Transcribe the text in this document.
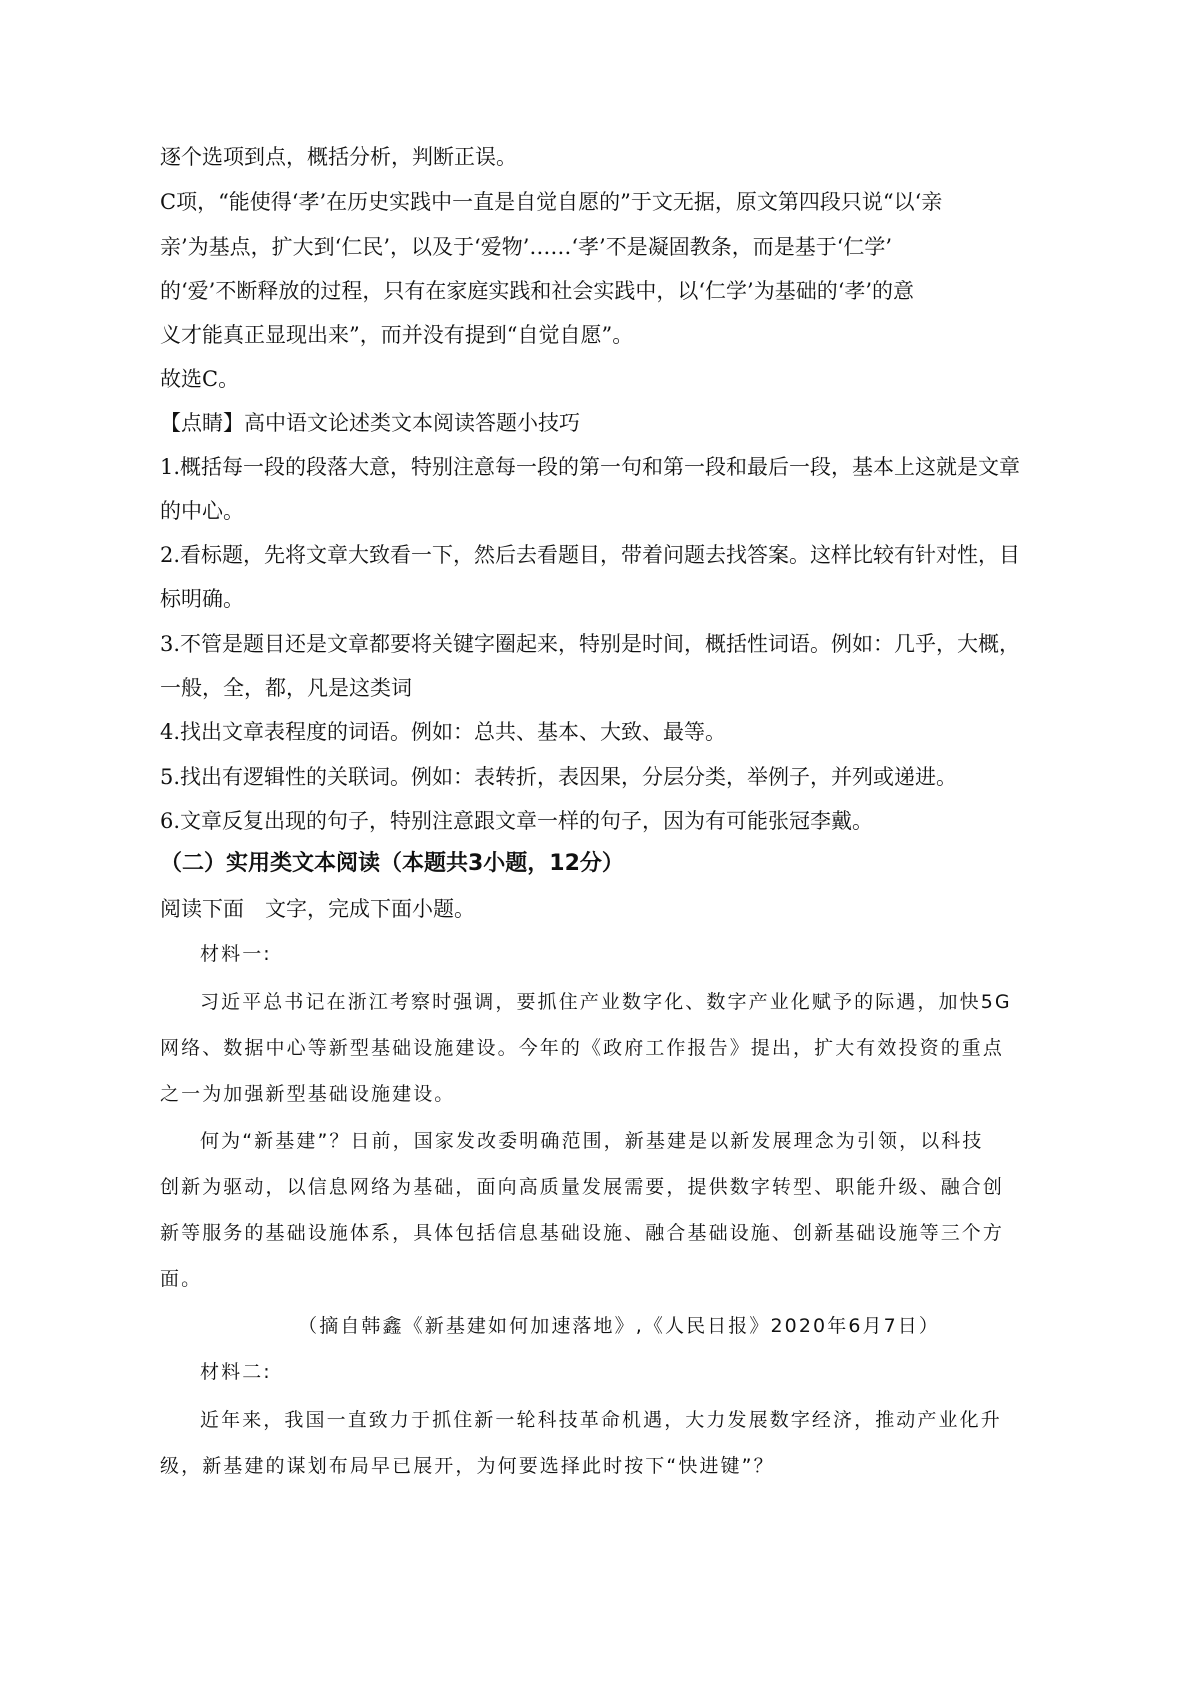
逐个选项到点，概括分析，判断正误。

C项，“能使得‘孝’在历史实践中一直是自觉自愿的”于文无据，原文第四段只说“以‘亲

亲’为基点，扩大到‘仁民’，以及于‘爱物’……‘孝’不是凝固教条，而是基于‘仁学’

的‘爱’不断释放的过程，只有在家庭实践和社会实践中，以‘仁学’为基础的‘孝’的意

义才能真正显现出来”，而并没有提到“自觉自愿”。

故选C。

【点睛】高中语文论述类文本阅读答题小技巧

1.概括每一段的段落大意，特别注意每一段的第一句和第一段和最后一段，基本上这就是文章

的中心。

2.看标题，先将文章大致看一下，然后去看题目，带着问题去找答案。这样比较有针对性，目

标明确。

3.不管是题目还是文章都要将关键字圈起来，特别是时间，概括性词语。例如：几乎，大概，

一般，全，都，凡是这类词

4.找出文章表程度的词语。例如：总共、基本、大致、最等。

5.找出有逻辑性的关联词。例如：表转折，表因果，分层分类，举例子，并列或递进。

6.文章反复出现的句子，特别注意跟文章一样的句子，因为有可能张冠李戴。

（二）实用类文本阅读（本题共3小题，12分）

阅读下面　文字，完成下面小题。

材料一:

习近平总书记在浙江考察时强调，要抓住产业数字化、数字产业化赋予的际遇，加快5G

网络、数据中心等新型基础设施建设。今年的《政府工作报告》提出，扩大有效投资的重点

之一为加强新型基础设施建设。

何为“新基建”？日前，国家发改委明确范围，新基建是以新发展理念为引领，以科技

创新为驱动，以信息网络为基础，面向高质量发展需要，提供数字转型、职能升级、融合创

新等服务的基础设施体系，具体包括信息基础设施、融合基础设施、创新基础设施等三个方

面。

（摘自韩鑫《新基建如何加速落地》,《人民日报》2020年6月7日）

材料二:

近年来，我国一直致力于抓住新一轮科技革命机遇，大力发展数字经济，推动产业化升

级，新基建的谋划布局早已展开，为何要选择此时按下“快进键”？
